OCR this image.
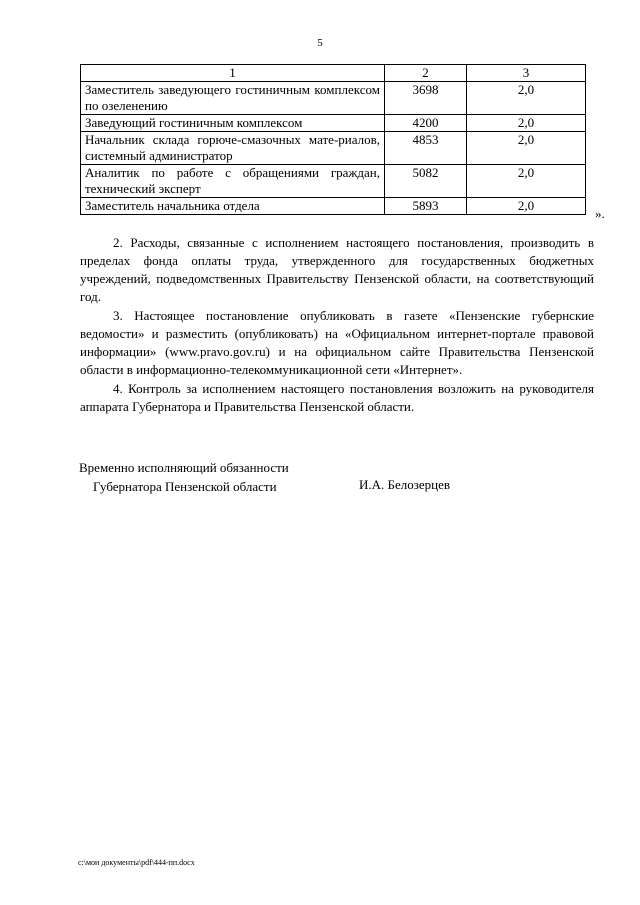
5
1	2	3
Заместитель заведующего гостиничным комплексом по озеленению	3698	2,0
Заведующий гостиничным комплексом	4200	2,0
Начальник склада горюче-смазочных мате-риалов, системный администратор	4853	2,0
Аналитик по работе с обращениями граждан, технический эксперт	5082	2,0
Заместитель начальника отдела	5893	2,0
».

2. Расходы, связанные с исполнением настоящего постановления, производить в пределах фонда оплаты труда, утвержденного для государственных бюджетных учреждений, подведомственных Правительству Пензенской области, на соответствующий год.

3. Настоящее постановление опубликовать в газете «Пензенские губернские ведомости» и разместить (опубликовать) на «Официальном интернет-портале правовой информации» (www.pravo.gov.ru) и на официальном сайте Правительства Пензенской области в информационно-телекоммуникационной сети «Интернет».

4. Контроль за исполнением настоящего постановления возложить на руководителя аппарата Губернатора и Правительства Пензенской области.

Временно исполняющий обязанности
Губернатора Пензенской области	И.А. Белозерцев
c:\мои документы\pdf\444-пп.docx
